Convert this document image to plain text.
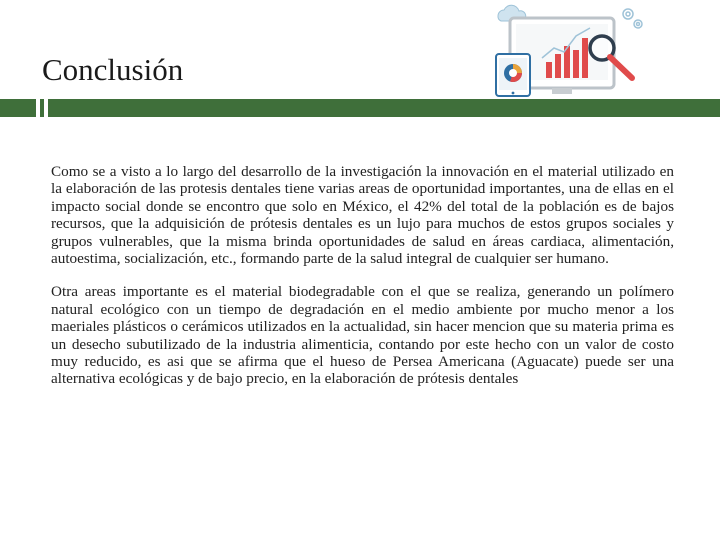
Conclusión

Como se a visto a lo largo del desarrollo de la investigación la innovación en el material utilizado en la elaboración de las protesis dentales tiene varias areas de oportunidad importantes, una de ellas en el impacto social donde se encontro que solo en México, el 42% del total de la población es de bajos recursos, que la adquisición de prótesis dentales es un lujo para muchos de estos grupos sociales y grupos vulnerables, que la misma brinda oportunidades de salud en áreas cardiaca, alimentación, autoestima, socialización, etc., formando parte de la salud integral de cualquier ser humano.

Otra areas importante es el material biodegradable con el que se realiza, generando un polímero natural ecológico con un tiempo de degradación en el medio ambiente por mucho menor a los maeriales plásticos o cerámicos utilizados en la actualidad, sin hacer mencion que su materia prima es un desecho subutilizado de la industria alimenticia, contando por este hecho con un valor de costo muy reducido, es asi que se afirma que el hueso de Persea Americana (Aguacate) puede ser una alternativa ecológicas y de bajo precio, en la elaboración de prótesis dentales
